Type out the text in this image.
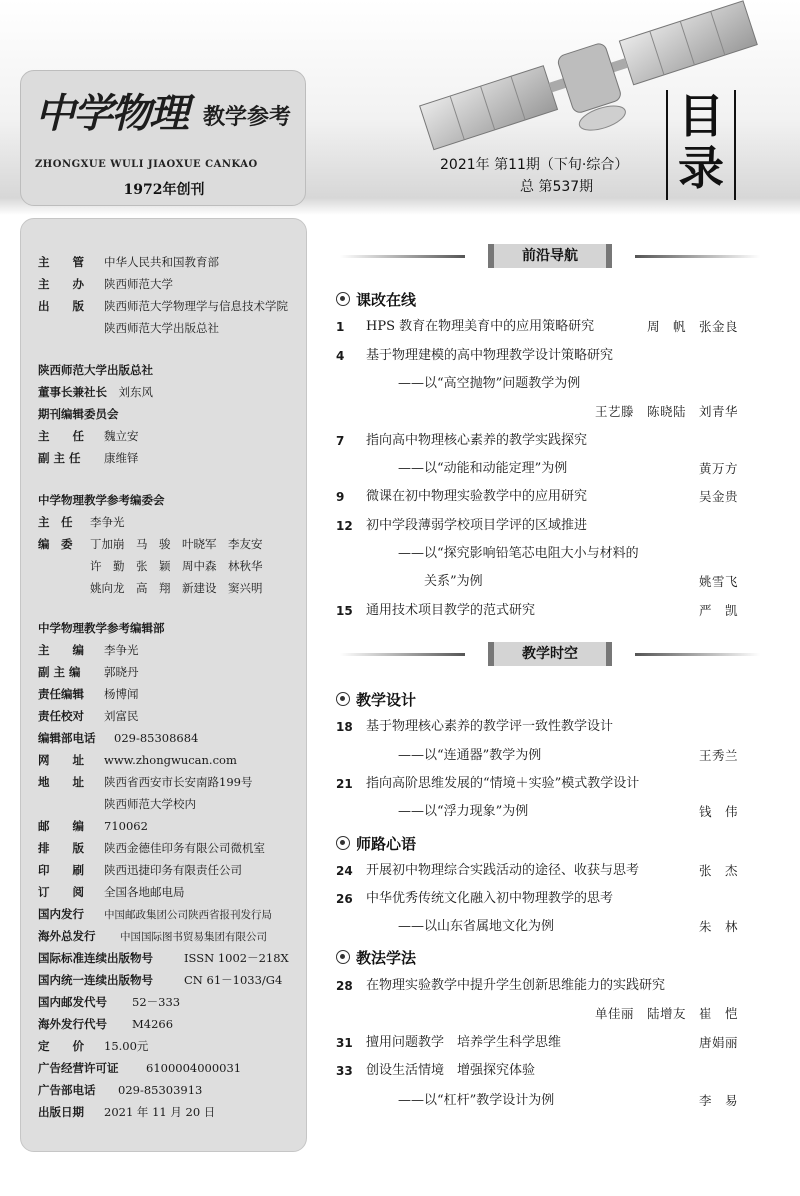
中学物理 教学参考
ZHONGXUE WULI JIAOXUE CANKAO
1972年创刊
2021年 第11期（下旬·综合）
总 第537期
目
录
主　　管 中华人民共和国教育部
主　　办 陕西师范大学
出　　版 陕西师范大学物理学与信息技术学院
陕西师范大学出版总社
陕西师范大学出版总社
董事长兼社长　 刘东风
期刊编辑委员会
主　　任 魏立安
副 主 任 康维铎
中学物理教学参考编委会
主　任 李争光
编　委 丁加崩　马　骏　叶晓军　李友安
许　勤　张　颖　周中森　林秋华
姚向龙　高　翔　新建设　窦兴明
中学物理教学参考编辑部
主　　编 李争光
副 主 编 郭晓丹
责任编辑 杨博闻
责任校对 刘富民
编辑部电话 029-85308684
网　　址 www.zhongwucan.com
地　　址 陕西省西安市长安南路199号
陕西师范大学校内
邮　　编 710062
排　　版 陕西金德佳印务有限公司微机室
印　　刷 陕西迅捷印务有限责任公司
订　　阅 全国各地邮电局
国内发行 中国邮政集团公司陕西省报刊发行局
海外总发行 中国国际图书贸易集团有限公司
国际标准连续出版物号	ISSN 1002－218X
国内统一连续出版物号	CN 61－1033/G4
国内邮发代号 52－333
海外发行代号 M4266
定　　价 15.00元
广告经营许可证 6100004000031
广告部电话 029-85303913
出版日期 2021 年 11 月 20 日
前沿导航
课改在线
1	HPS 教育在物理美育中的应用策略研究	周　帆　张金良
4	基于物理建模的高中物理教学设计策略研究
——以“高空抛物”问题教学为例
王艺滕　陈晓陆　刘青华
7	指向高中物理核心素养的教学实践探究
——以“动能和动能定理”为例	黄万方
9	微课在初中物理实验教学中的应用研究	吴金贵
12	初中学段薄弱学校项目学评的区域推进
——以“探究影响铅笔芯电阻大小与材料的
关系”为例	姚雪飞
15	通用技术项目教学的范式研究	严　凯
教学时空
教学设计
18	基于物理核心素养的教学评一致性教学设计
——以“连通器”教学为例	王秀兰
21	指向高阶思维发展的“情境＋实验”模式教学设计
——以“浮力现象”为例	钱　伟
师路心语
24	开展初中物理综合实践活动的途径、收获与思考	张　杰
26	中华优秀传统文化融入初中物理教学的思考
——以山东省属地文化为例	朱　林
教法学法
28	在物理实验教学中提升学生创新思维能力的实践研究
单佳丽　陆增友　崔　恺
31	擅用问题教学　培养学生科学思维	唐娟丽
33	创设生活情境　增强探究体验
——以“杠杆”教学设计为例	李　易
